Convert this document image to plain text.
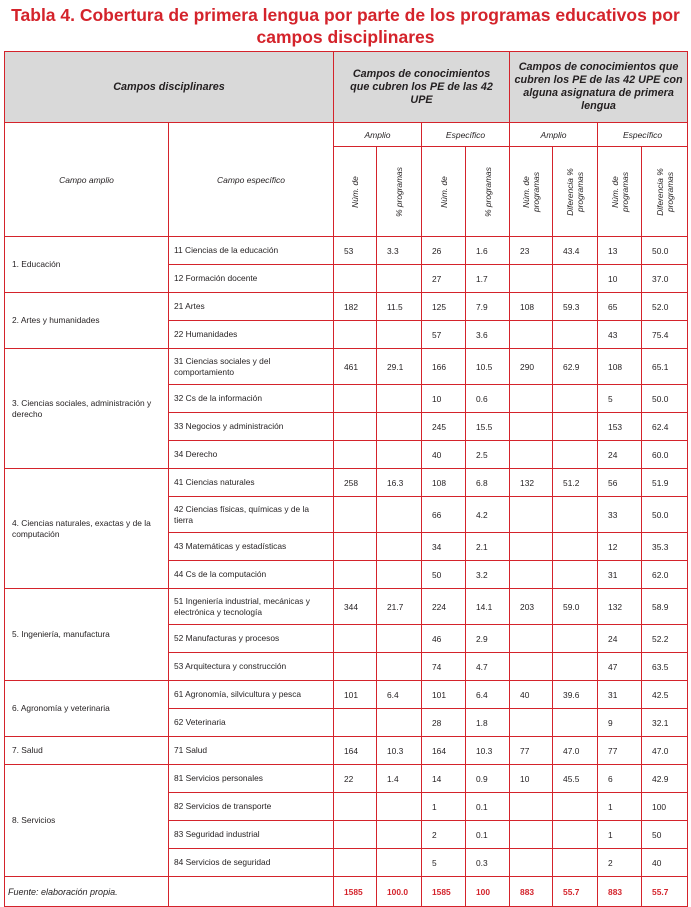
Tabla 4. Cobertura de primera lengua por parte de los programas educativos por campos disciplinares
Campos disciplinares		Campos de conocimientos que cubren los PE de las 42 UPE				Campos de conocimientos que cubren los PE de las 42 UPE con alguna asignatura de primera lengua			
Campo amplio	Campo específico	Amplio		Específico		Amplio		Específico	

		Núm. de	% programas	Núm. de	% programas	Núm. de programas	Diferencia % programas	Núm. de programas	Diferencia % programas

1. Educación	11 Ciencias de la educación	53	3.3	26	1.6	23	43.4	13	50.0
	12 Formación docente			27	1.7			10	37.0
2. Artes y humanidades	21 Artes	182	11.5	125	7.9	108	59.3	65	52.0
	22 Humanidades			57	3.6			43	75.4
3. Ciencias sociales, administración y derecho	31 Ciencias sociales y del comportamiento	461	29.1	166	10.5	290	62.9	108	65.1
	32 Cs de la información			10	0.6			5	50.0
	33 Negocios y administración			245	15.5			153	62.4
	34 Derecho			40	2.5			24	60.0
4. Ciencias naturales, exactas y de la computación	41 Ciencias naturales	258	16.3	108	6.8	132	51.2	56	51.9
	42 Ciencias físicas, químicas y de la tierra			66	4.2			33	50.0
	43 Matemáticas y estadísticas			34	2.1			12	35.3
	44 Cs de la computación			50	3.2			31	62.0
5. Ingeniería, manufactura	51 Ingeniería industrial, mecánicas y electrónica y tecnología	344	21.7	224	14.1	203	59.0	132	58.9
	52 Manufacturas y procesos			46	2.9			24	52.2
	53 Arquitectura y construcción			74	4.7			47	63.5
6. Agronomía y veterinaria	61 Agronomía, silvicultura y pesca	101	6.4	101	6.4	40	39.6	31	42.5
	62 Veterinaria			28	1.8			9	32.1
7. Salud	71 Salud	164	10.3	164	10.3	77	47.0	77	47.0
8. Servicios	81 Servicios personales	22	1.4	14	0.9	10	45.5	6	42.9
	82 Servicios de transporte			1	0.1			1	100
	83 Seguridad industrial			2	0.1			1	50
	84 Servicios de seguridad			5	0.3			2	40
		1585	100.0	1585	100	883	55.7	883	55.7
Fuente: elaboración propia.
